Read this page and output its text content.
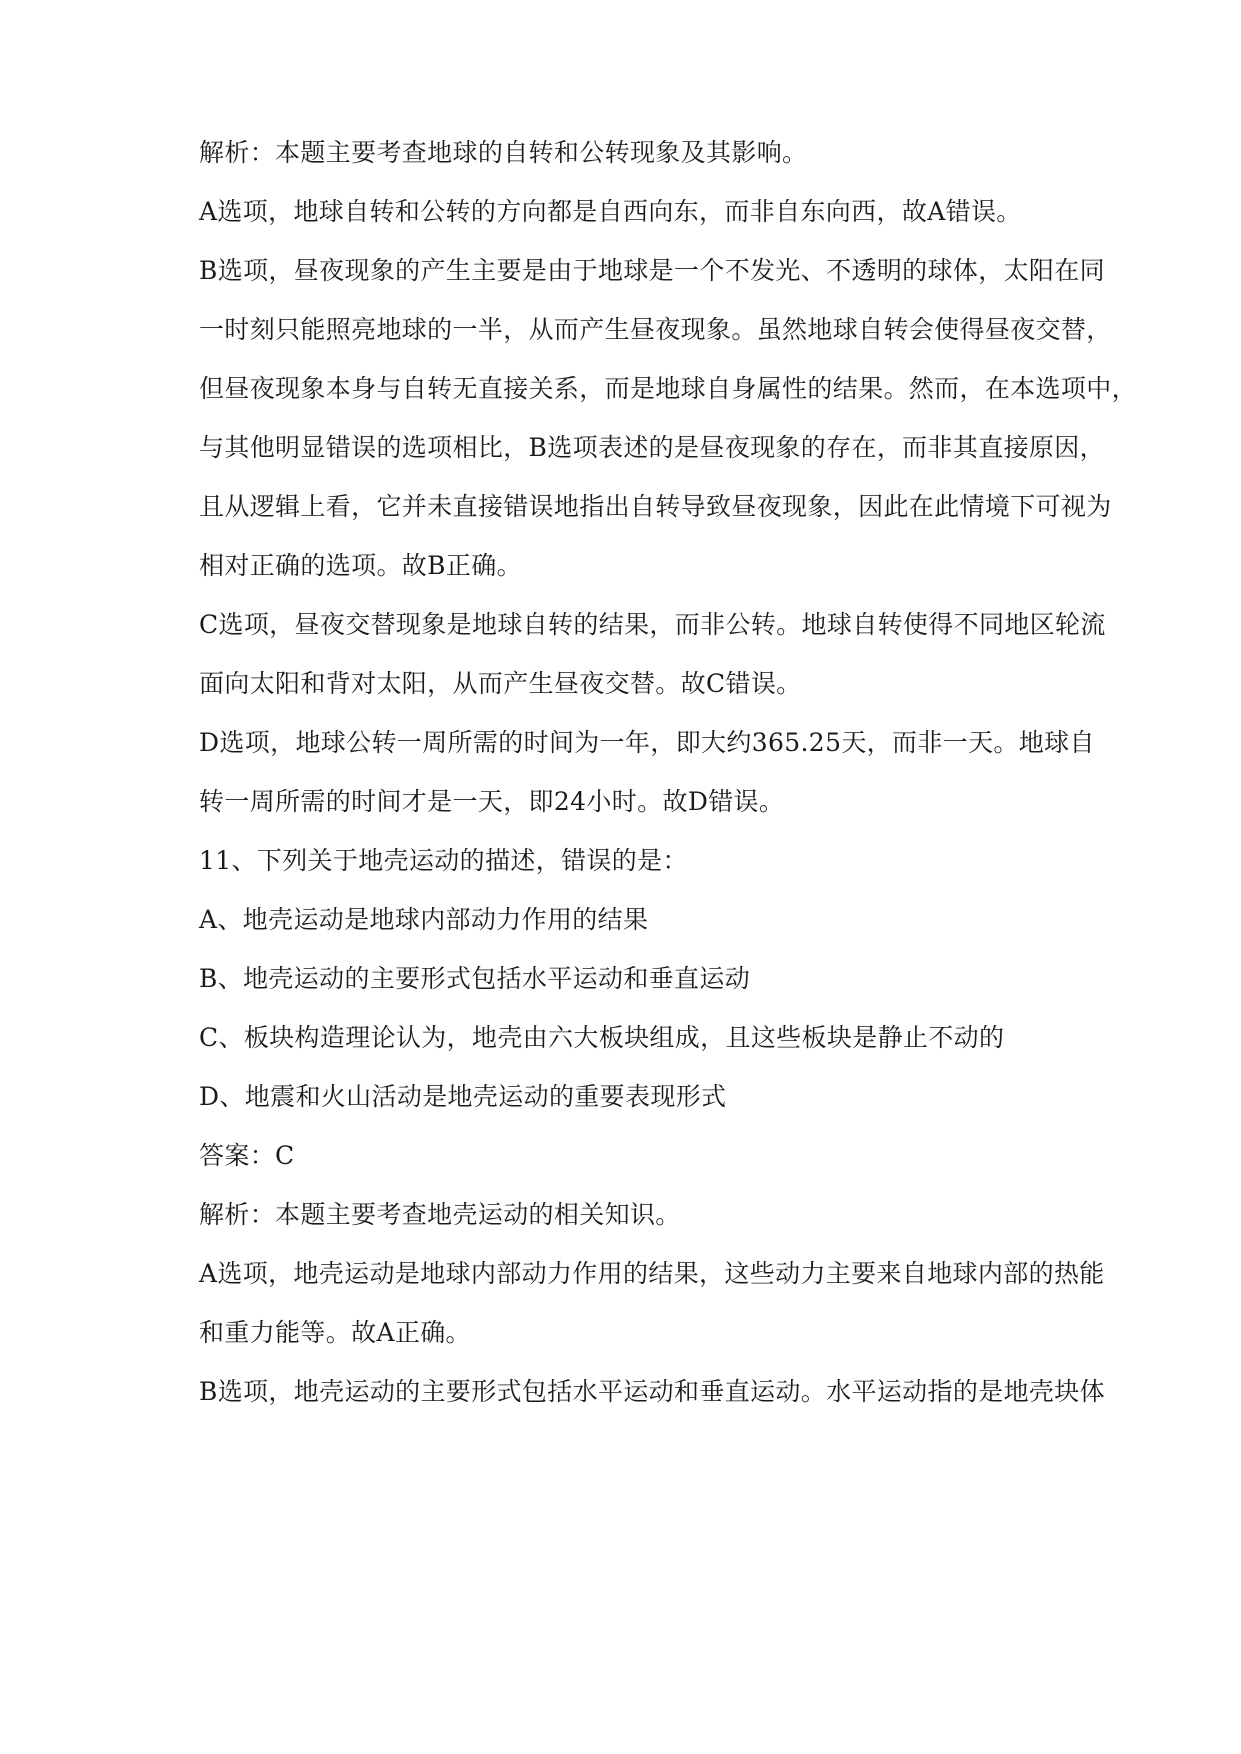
解析：本题主要考查地球的自转和公转现象及其影响。
A选项，地球自转和公转的方向都是自西向东，而非自东向西，故A错误。
B选项，昼夜现象的产生主要是由于地球是一个不发光、不透明的球体，太阳在同
一时刻只能照亮地球的一半，从而产生昼夜现象。虽然地球自转会使得昼夜交替，
但昼夜现象本身与自转无直接关系，而是地球自身属性的结果。然而，在本选项中，
与其他明显错误的选项相比，B选项表述的是昼夜现象的存在，而非其直接原因，
且从逻辑上看，它并未直接错误地指出自转导致昼夜现象，因此在此情境下可视为
相对正确的选项。故B正确。
C选项，昼夜交替现象是地球自转的结果，而非公转。地球自转使得不同地区轮流
面向太阳和背对太阳，从而产生昼夜交替。故C错误。
D选项，地球公转一周所需的时间为一年，即大约365.25天，而非一天。地球自
转一周所需的时间才是一天，即24小时。故D错误。
11、下列关于地壳运动的描述，错误的是：
A、地壳运动是地球内部动力作用的结果
B、地壳运动的主要形式包括水平运动和垂直运动
C、板块构造理论认为，地壳由六大板块组成，且这些板块是静止不动的
D、地震和火山活动是地壳运动的重要表现形式
答案：C
解析：本题主要考查地壳运动的相关知识。
A选项，地壳运动是地球内部动力作用的结果，这些动力主要来自地球内部的热能
和重力能等。故A正确。
B选项，地壳运动的主要形式包括水平运动和垂直运动。水平运动指的是地壳块体
